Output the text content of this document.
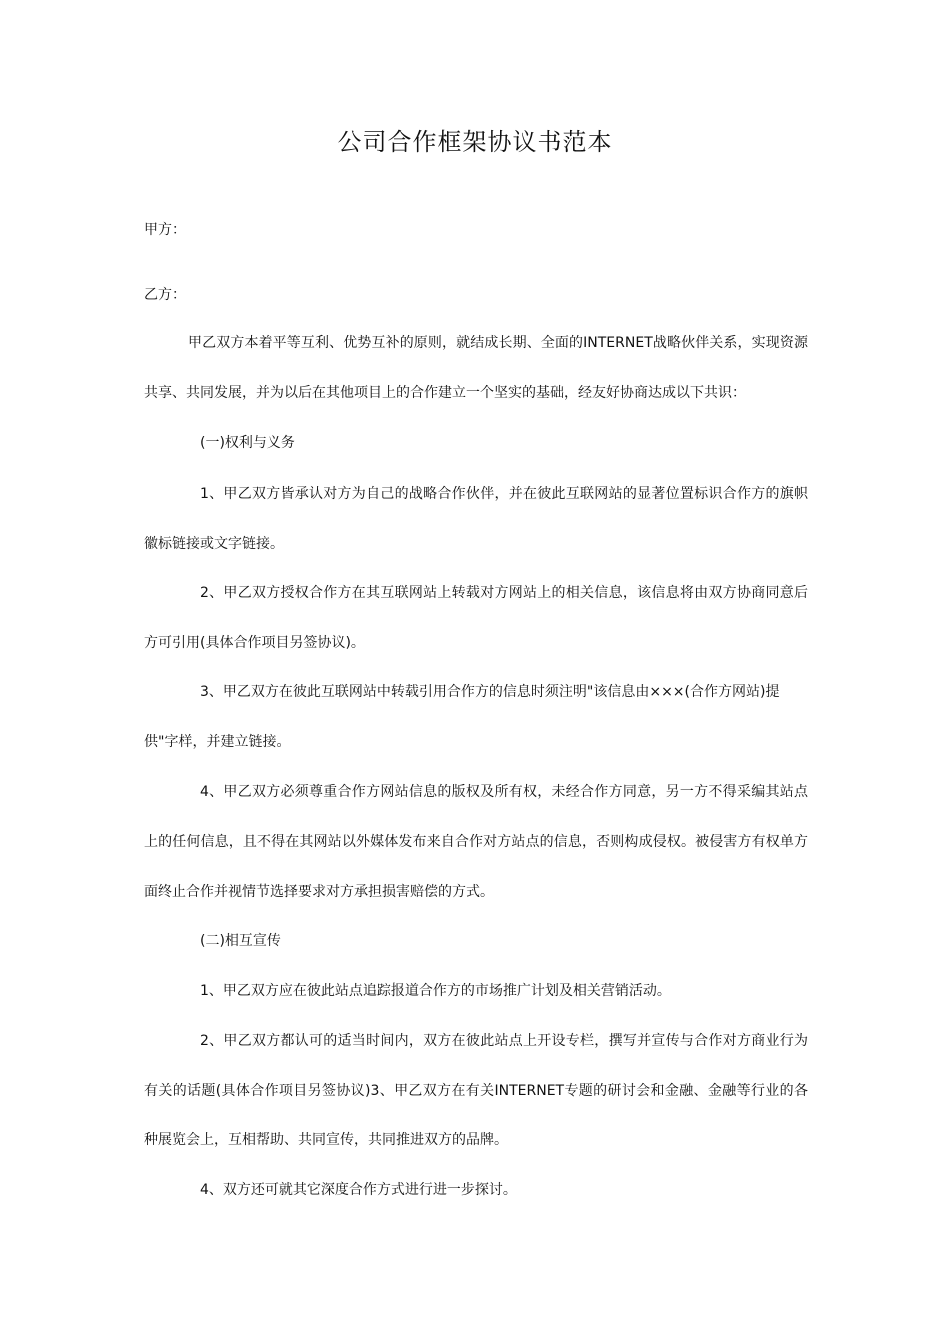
公司合作框架协议书范本

甲方：

乙方：

甲乙双方本着平等互利、优势互补的原则，就结成长期、全面的INTERNET战略伙伴关系，实现资源

共享、共同发展，并为以后在其他项目上的合作建立一个坚实的基础，经友好协商达成以下共识：

(一)权利与义务

1、甲乙双方皆承认对方为自己的战略合作伙伴，并在彼此互联网站的显著位置标识合作方的旗帜

徽标链接或文字链接。

2、甲乙双方授权合作方在其互联网站上转载对方网站上的相关信息，该信息将由双方协商同意后

方可引用(具体合作项目另签协议)。

3、甲乙双方在彼此互联网站中转载引用合作方的信息时须注明"该信息由×××(合作方网站)提

供"字样，并建立链接。

4、甲乙双方必须尊重合作方网站信息的版权及所有权，未经合作方同意，另一方不得采编其站点

上的任何信息，且不得在其网站以外媒体发布来自合作对方站点的信息，否则构成侵权。被侵害方有权单方

面终止合作并视情节选择要求对方承担损害赔偿的方式。

(二)相互宣传

1、甲乙双方应在彼此站点追踪报道合作方的市场推广计划及相关营销活动。

2、甲乙双方都认可的适当时间内，双方在彼此站点上开设专栏，撰写并宣传与合作对方商业行为

有关的话题(具体合作项目另签协议)3、甲乙双方在有关INTERNET专题的研讨会和金融、金融等行业的各

种展览会上，互相帮助、共同宣传，共同推进双方的品牌。

4、双方还可就其它深度合作方式进行进一步探讨。
